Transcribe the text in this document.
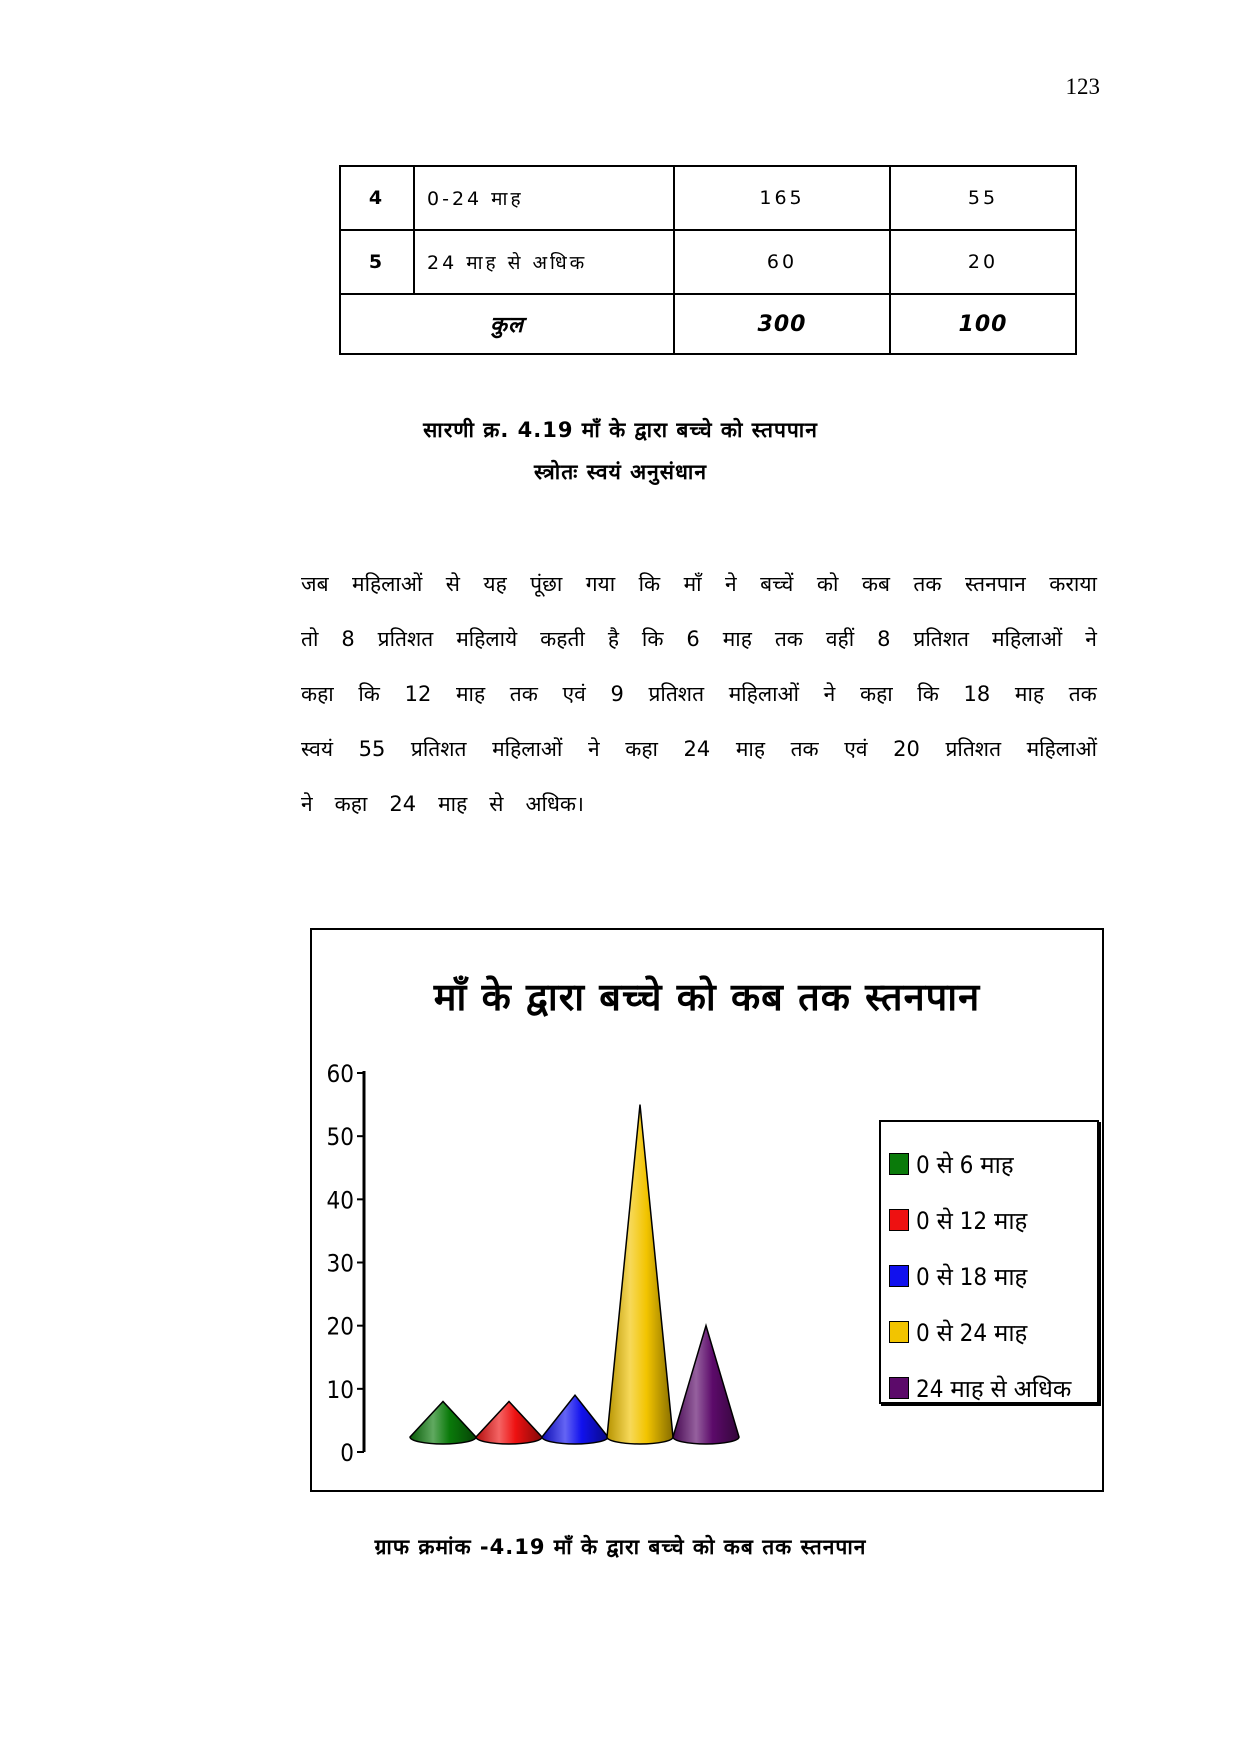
123
4	0-24 माह	165	55
5	24 माह से अधिक	60	20
कुल		300	100
सारणी क्र. 4.19 माँ के द्वारा बच्चे को स्तपपान
स्त्रोतः स्वयं अनुसंधान
जब महिलाओं से यह पूंछा गया कि माँ ने बच्चें को कब तक स्तनपान कराया
तो 8 प्रतिशत महिलाये कहती है कि 6 माह तक वहीं 8 प्रतिशत महिलाओं ने
कहा कि 12 माह तक एवं 9 प्रतिशत महिलाओं ने कहा कि 18 माह तक
स्वयं 55 प्रतिशत महिलाओं ने कहा 24 माह तक एवं 20 प्रतिशत महिलाओं
ने कहा 24 माह से अधिक।
0
10
20
30
40
50
60
माँ के द्वारा बच्चे को कब तक स्तनपान
0 से 6 माह
0 से 12 माह
0 से 18 माह
0 से 24 माह
24 माह से अधिक
ग्राफ क्रमांक -4.19 माँ के द्वारा बच्चे को कब तक स्तनपान
